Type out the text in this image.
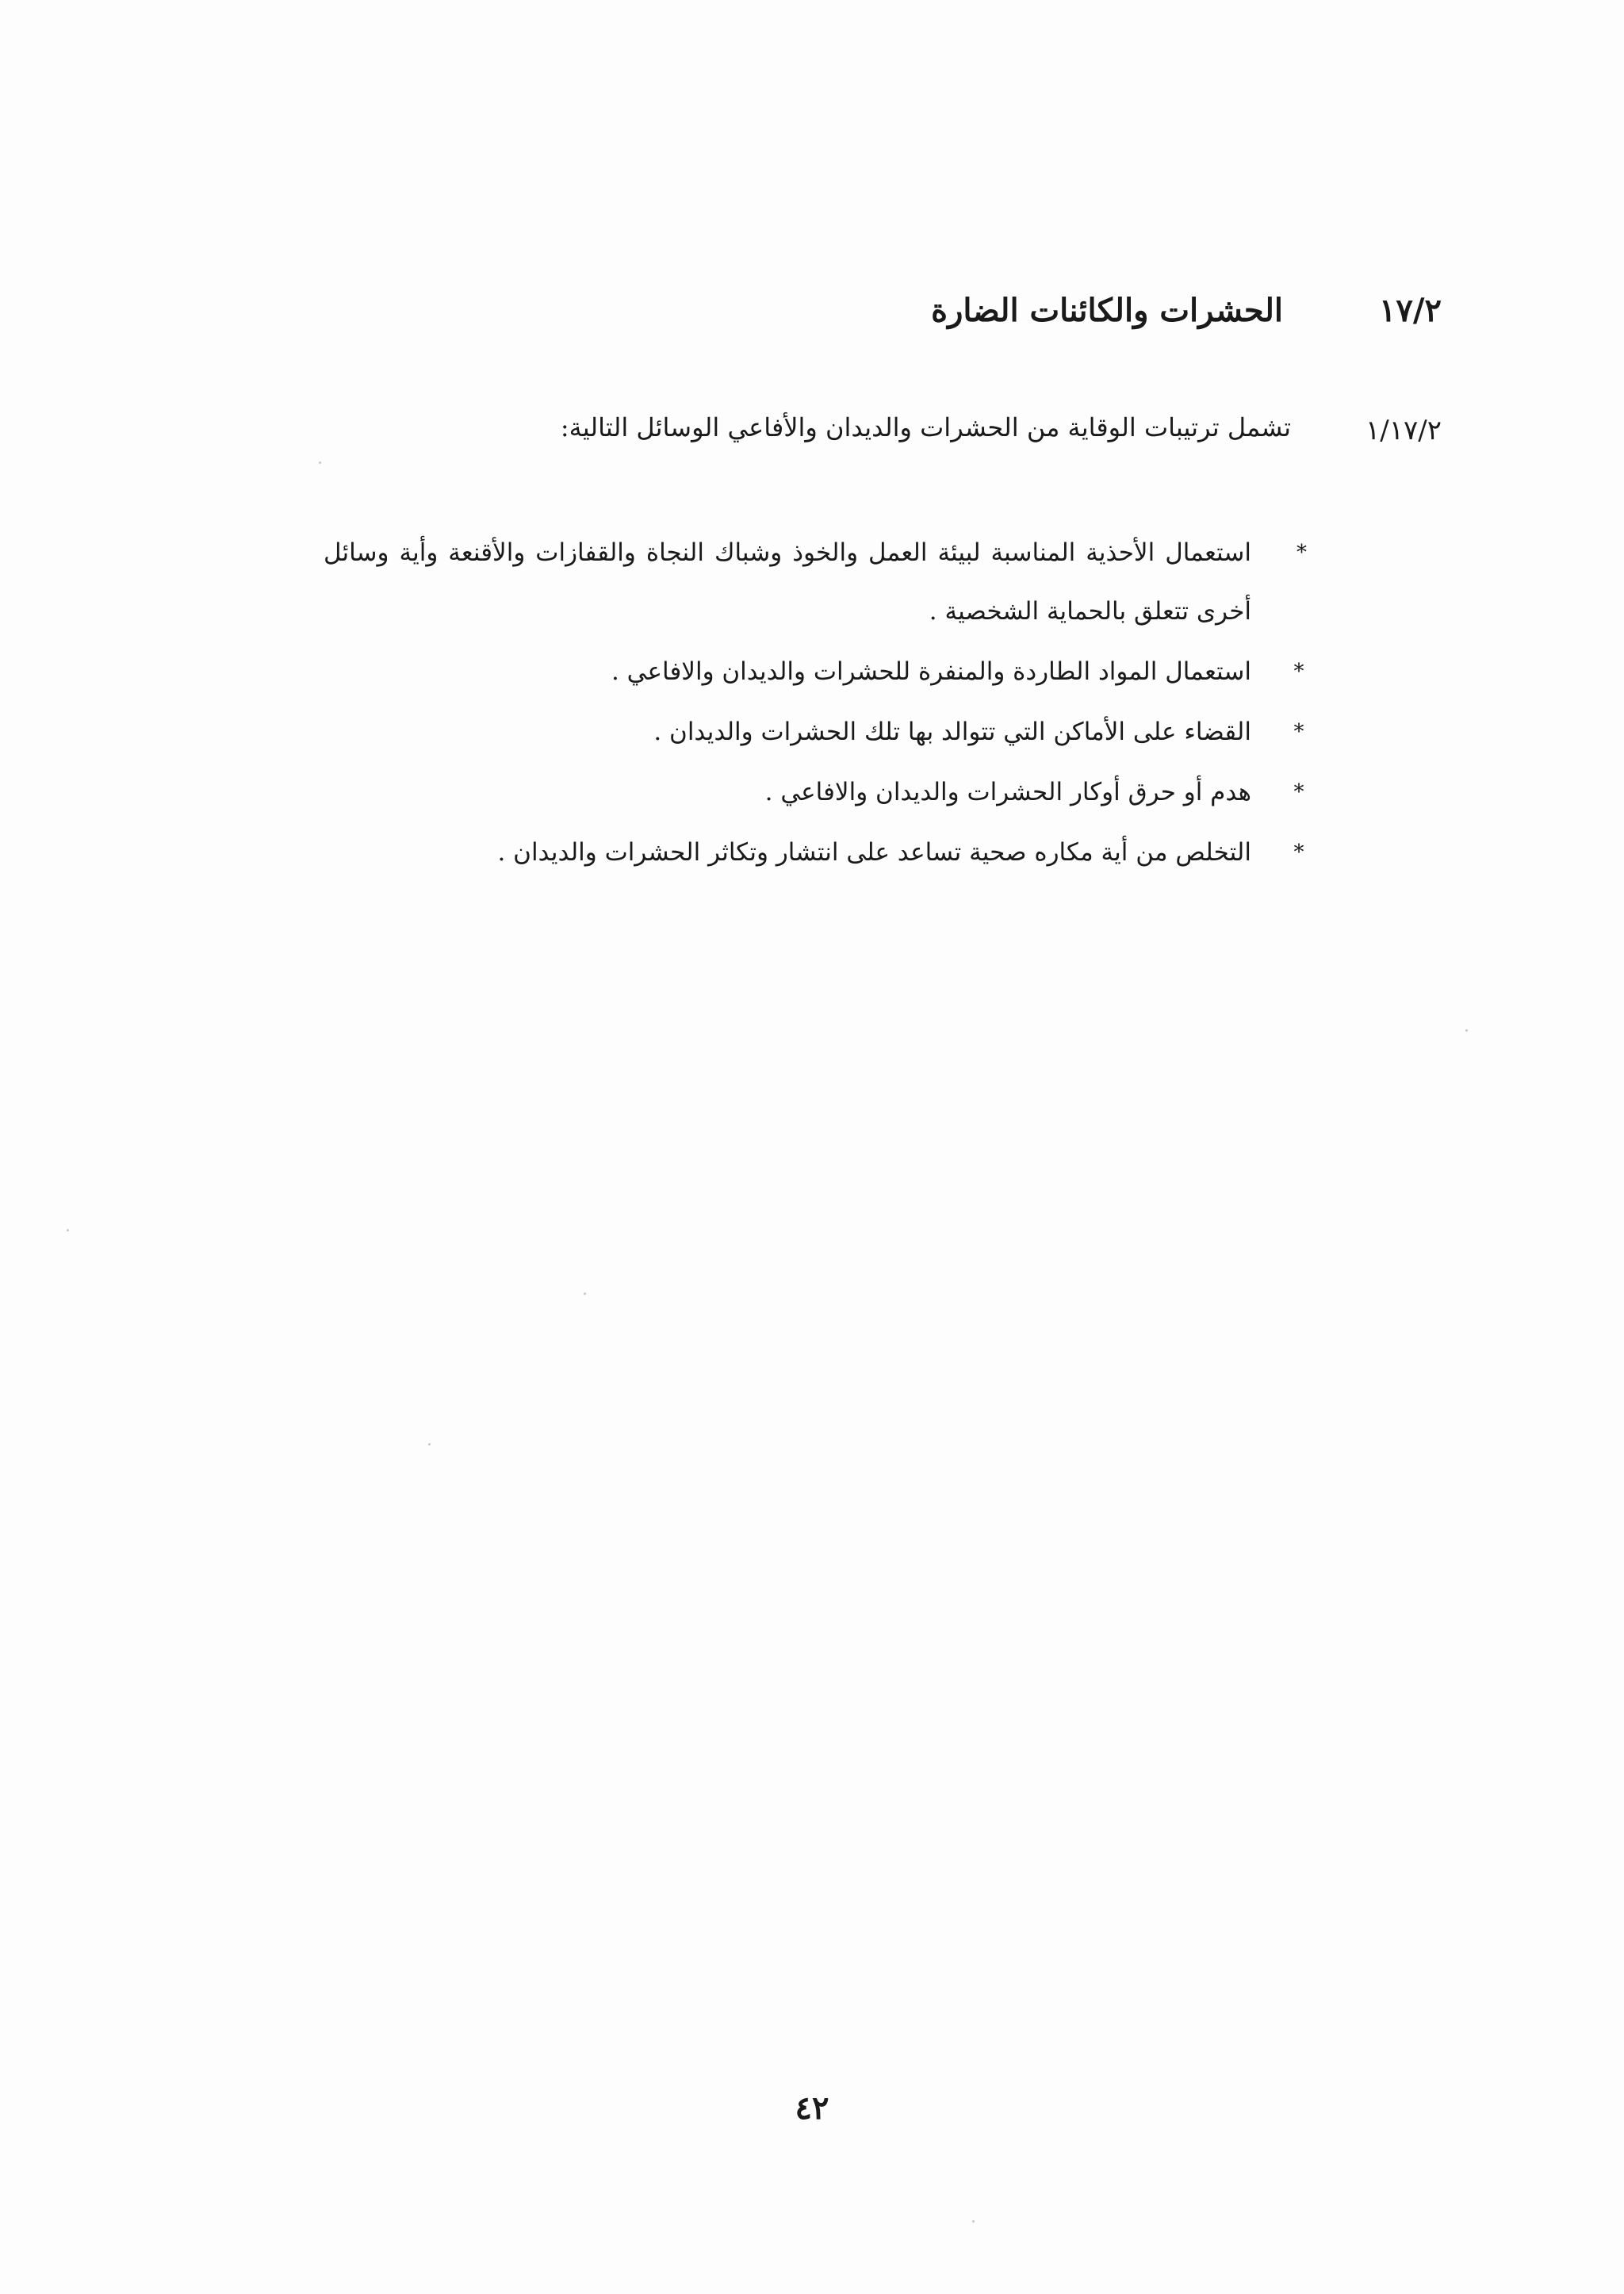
١٧/٢
الحشرات والكائنات الضارة
١/١٧/٢
تشمل ترتيبات الوقاية من الحشرات والديدان والأفاعي الوسائل التالية:
*
استعمال الأحذية المناسبة لبيئة العمل والخوذ وشباك النجاة والقفازات والأقنعة وأية وسائل أخرى تتعلق بالحماية الشخصية .
*
استعمال المواد الطاردة والمنفرة للحشرات والديدان والافاعي .
*
القضاء على الأماكن التي تتوالد بها تلك الحشرات والديدان .
*
هدم أو حرق أوكار الحشرات والديدان والافاعي .
*
التخلص من أية مكاره صحية تساعد على انتشار وتكاثر الحشرات والديدان .
٤٢
